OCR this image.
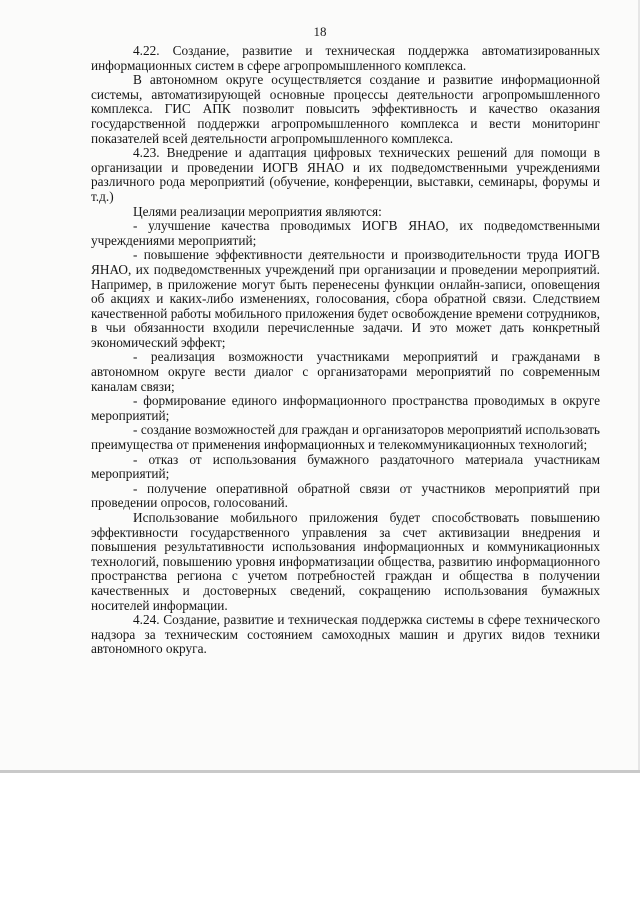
18

4.22. Создание, развитие и техническая поддержка автоматизированных информационных систем в сфере агропромышленного комплекса.

В автономном округе осуществляется создание и развитие информационной системы, автоматизирующей основные процессы деятельности агропромышленного комплекса. ГИС АПК позволит повысить эффективность и качество оказания государственной поддержки агропромышленного комплекса и вести мониторинг показателей всей деятельности агропромышленного комплекса.

4.23. Внедрение и адаптация цифровых технических решений для помощи в организации и проведении ИОГВ ЯНАО и их подведомственными учреждениями различного рода мероприятий (обучение, конференции, выставки, семинары, форумы и т.д.)

Целями реализации мероприятия являются:

- улучшение качества проводимых ИОГВ ЯНАО, их подведомственными учреждениями мероприятий;

- повышение эффективности деятельности и производительности труда ИОГВ ЯНАО, их подведомственных учреждений при организации и проведении мероприятий. Например, в приложение могут быть перенесены функции онлайн-записи, оповещения об акциях и каких-либо изменениях, голосования, сбора обратной связи. Следствием качественной работы мобильного приложения будет освобождение времени сотрудников, в чьи обязанности входили перечисленные задачи. И это может дать конкретный экономический эффект;

- реализация возможности участниками мероприятий и гражданами в автономном округе вести диалог с организаторами мероприятий по современным каналам связи;

- формирование единого информационного пространства проводимых в округе мероприятий;

- создание возможностей для граждан и организаторов мероприятий использовать преимущества от применения информационных и телекоммуникационных технологий;

- отказ от использования бумажного раздаточного материала участникам мероприятий;

- получение оперативной обратной связи от участников мероприятий при проведении опросов, голосований.

Использование мобильного приложения будет способствовать повышению эффективности государственного управления за счет активизации внедрения и повышения результативности использования информационных и коммуникационных технологий, повышению уровня информатизации общества, развитию информационного пространства региона с учетом потребностей граждан и общества в получении качественных и достоверных сведений, сокращению использования бумажных носителей информации.

4.24. Создание, развитие и техническая поддержка системы в сфере технического надзора за техническим состоянием самоходных машин и других видов техники автономного округа.
